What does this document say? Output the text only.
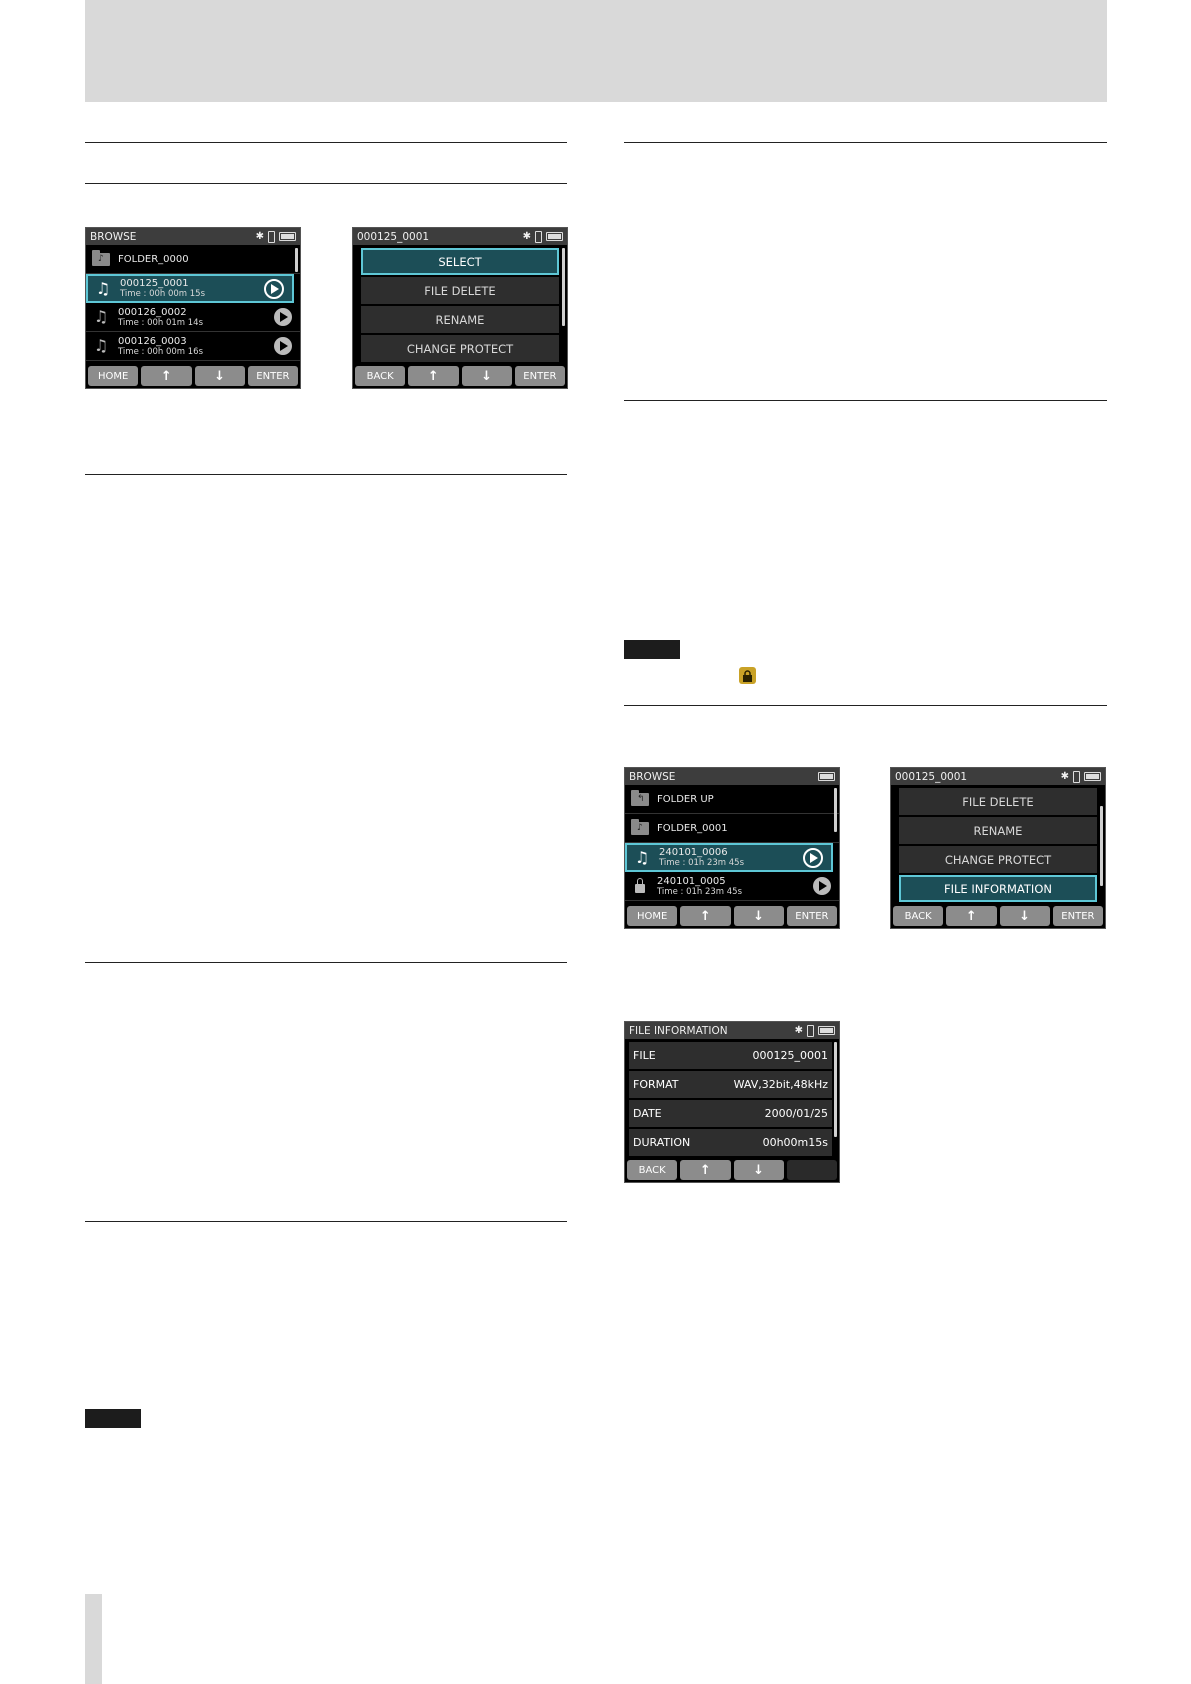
BROWSE	✱
♪ FOLDER_0000
♫ 000125_0001
Time : 00h 00m 15s
♫ 000126_0002
Time : 00h 01m 14s
♫ 000126_0003
Time : 00h 00m 16s
HOME	↑	↓	ENTER
000125_0001	✱
SELECT
FILE DELETE
RENAME
CHANGE PROTECT
BACK	↑	↓	ENTER
BROWSE
↰ FOLDER UP
♪ FOLDER_0001
♫ 240101_0006
Time : 01h 23m 45s
240101_0005
Time : 01h 23m 45s
HOME	↑	↓	ENTER
000125_0001	✱
FILE DELETE
RENAME
CHANGE PROTECT
FILE INFORMATION
BACK	↑	↓	ENTER
FILE INFORMATION	✱
FILE	000125_0001
FORMAT	WAV,32bit,48kHz
DATE	2000/01/25
DURATION	00h00m15s
BACK	↑	↓
